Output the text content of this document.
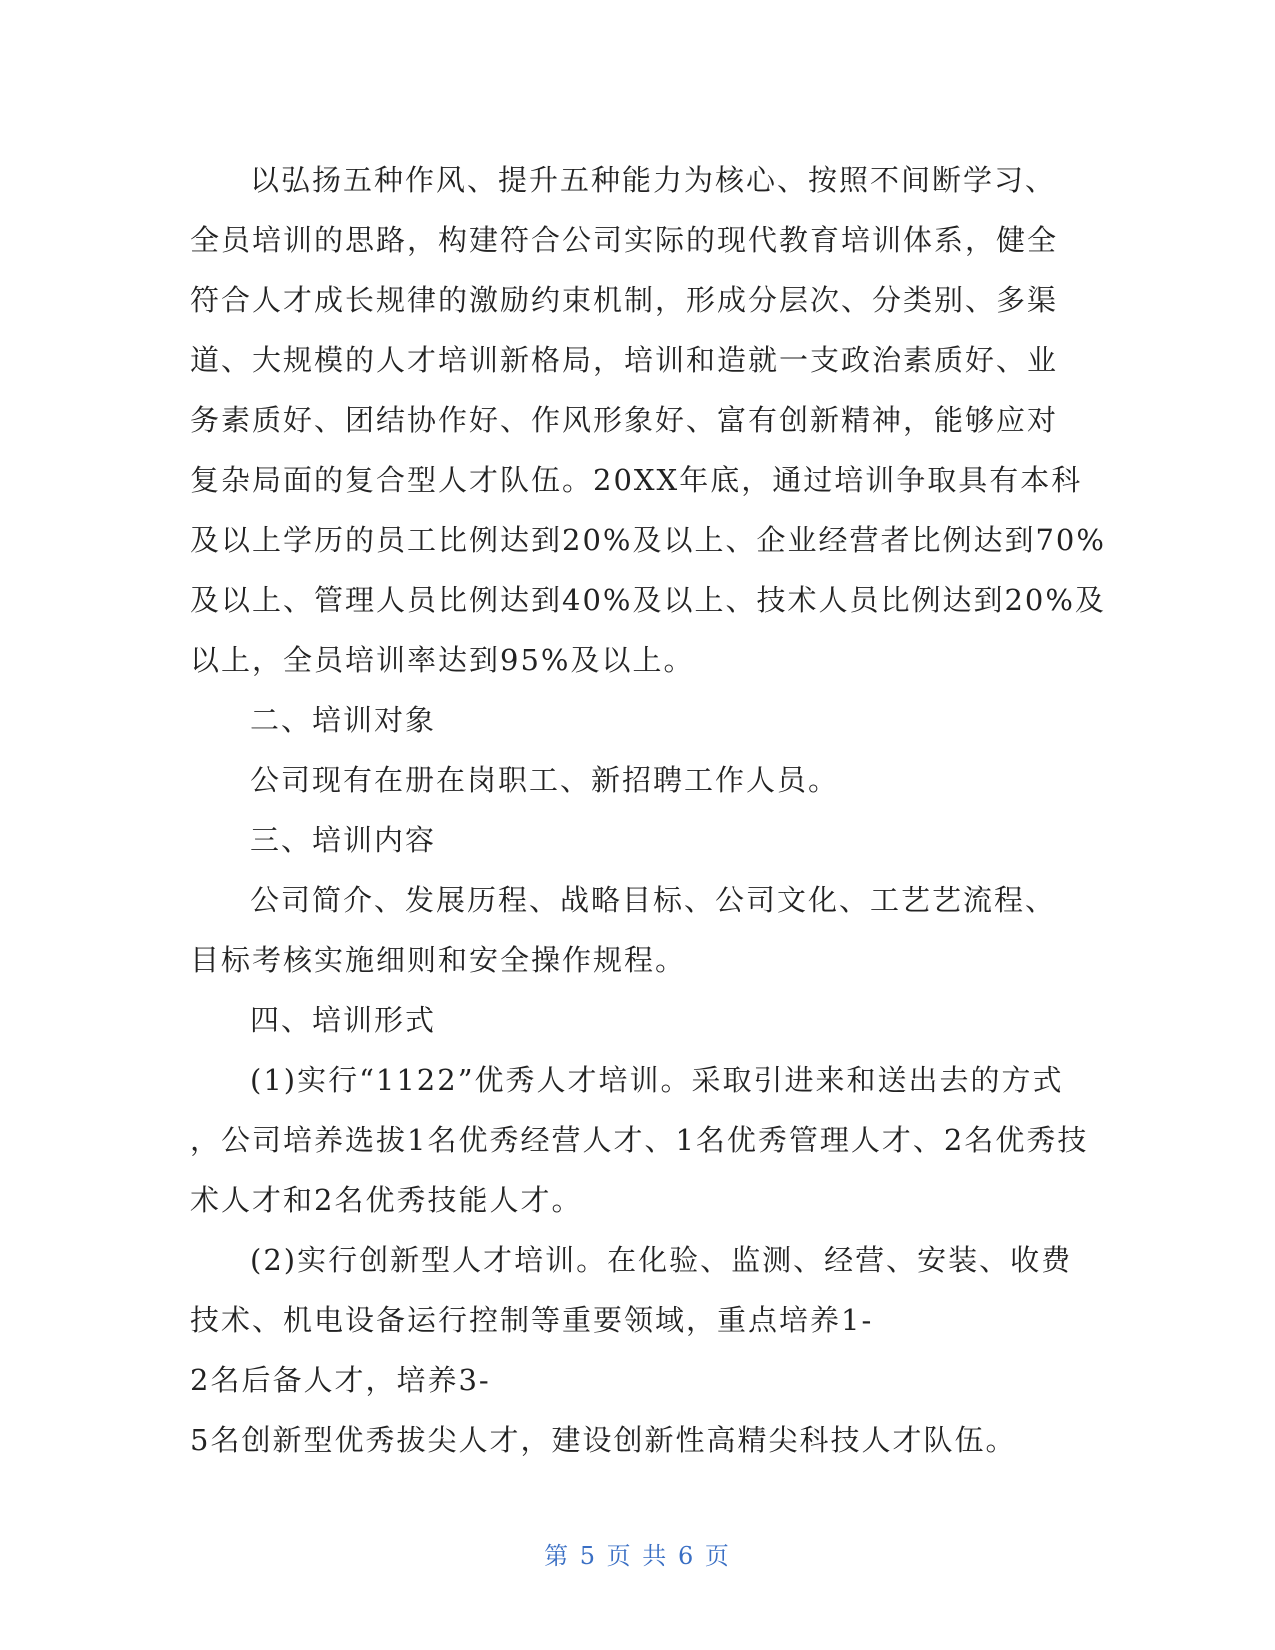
以弘扬五种作风、提升五种能力为核心、按照不间断学习、
全员培训的思路，构建符合公司实际的现代教育培训体系，健全
符合人才成长规律的激励约束机制，形成分层次、分类别、多渠
道、大规模的人才培训新格局，培训和造就一支政治素质好、业
务素质好、团结协作好、作风形象好、富有创新精神，能够应对
复杂局面的复合型人才队伍。20XX年底，通过培训争取具有本科
及以上学历的员工比例达到20%及以上、企业经营者比例达到70%
及以上、管理人员比例达到40%及以上、技术人员比例达到20%及
以上，全员培训率达到95%及以上。
二、培训对象
公司现有在册在岗职工、新招聘工作人员。
三、培训内容
公司简介、发展历程、战略目标、公司文化、工艺艺流程、
目标考核实施细则和安全操作规程。
四、培训形式
(1)实行“1122”优秀人才培训。采取引进来和送出去的方式
，公司培养选拔1名优秀经营人才、1名优秀管理人才、2名优秀技
术人才和2名优秀技能人才。
(2)实行创新型人才培训。在化验、监测、经营、安装、收费
技术、机电设备运行控制等重要领域，重点培养1-
2名后备人才，培养3-
5名创新型优秀拔尖人才，建设创新性高精尖科技人才队伍。
第 5 页 共 6 页
